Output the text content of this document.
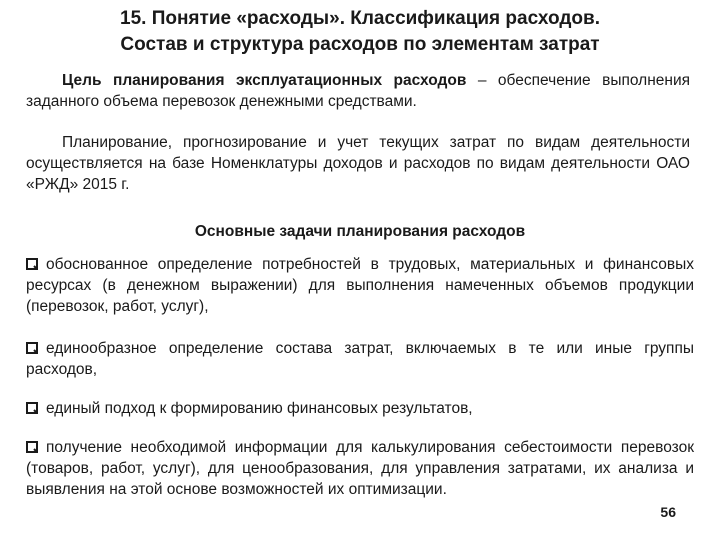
15. Понятие «расходы». Классификация расходов.
Состав и структура расходов по элементам затрат
Цель планирования эксплуатационных расходов – обеспечение выполнения заданного объема перевозок денежными средствами.
Планирование, прогнозирование и учет текущих затрат по видам деятельности осуществляется на базе Номенклатуры доходов и расходов по видам деятельности ОАО «РЖД» 2015 г.
Основные задачи планирования расходов
обоснованное определение потребностей в трудовых, материальных и финансовых ресурсах (в денежном выражении) для выполнения намеченных объемов продукции (перевозок, работ, услуг),
единообразное определение состава затрат, включаемых в те или иные группы расходов,
единый подход к формированию финансовых результатов,
получение необходимой информации для калькулирования себестоимости перевозок (товаров, работ, услуг), для ценообразования, для управления затратами, их анализа и выявления на этой основе возможностей их оптимизации.
56
